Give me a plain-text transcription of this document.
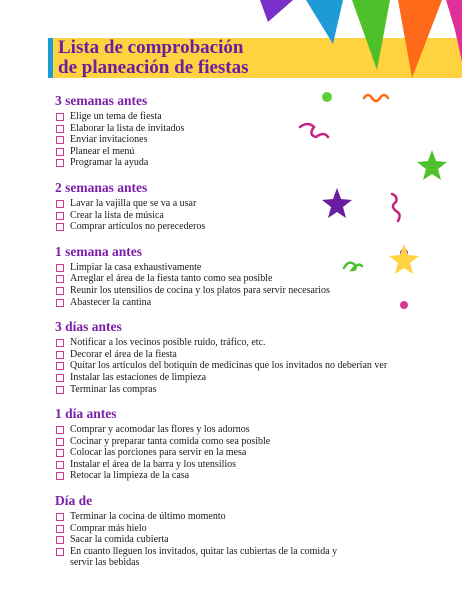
Lista de comprobación
de planeación de fiestas
3 semanas antes
Elige un tema de fiesta
Elaborar la lista de invitados
Enviar invitaciones
Planear el menú
Programar la ayuda
2 semanas antes
Lavar la vajilla que se va a usar
Crear la lista de música
Comprar artículos no perecederos
1 semana antes
Limpiar la casa exhaustivamente
Arreglar el área de la fiesta tanto como sea posible
Reunir los utensilios de cocina y los platos para servir necesarios
Abastecer la cantina
3 días antes
Notificar a los vecinos posible ruido, tráfico, etc.
Decorar el área de la fiesta
Quitar los artículos del botiquín de medicinas que los invitados no deberían ver
Instalar las estaciones de limpieza
Terminar las compras
1 día antes
Comprar y acomodar las flores y los adornos
Cocinar y preparar tanta comida como sea posible
Colocar las porciones para servir en la mesa
Instalar el área de la barra y los utensilios
Retocar la limpieza de la casa
Día de
Terminar la cocina de último momento
Comprar más hielo
Sacar la comida cubierta
En cuanto lleguen los invitados, quitar las cubiertas de la comida y servir las bebidas
